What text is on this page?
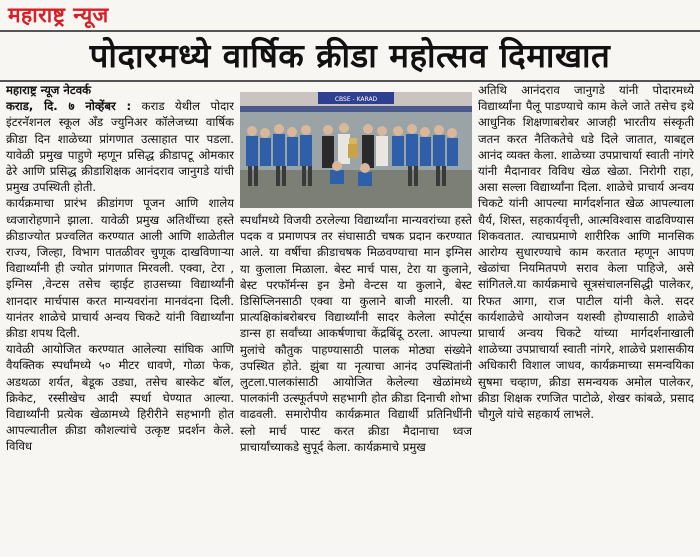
महाराष्ट्र न्यूज
पोदारमध्ये वार्षिक क्रीडा महोत्सव दिमाखात

महाराष्ट्र न्यूज नेटवर्क

कराड, दि. ७ नोव्हेंबर : कराड येथील पोदार इंटरनॅशनल स्कूल अँड ज्युनिअर कॉलेजच्या वार्षिक क्रीडा दिन शाळेच्या प्रांगणात उत्साहात पार पडला. यावेळी प्रमुख पाहुणे म्हणून प्रसिद्ध क्रीडापटू ओमकार ढेरे आणि प्रसिद्ध क्रीडाशिक्षक आनंदराव जानुगडे यांची प्रमुख उपस्थिती होती.

कार्यक्रमाचा प्रारंभ क्रीडांगण पूजन आणि शालेय ध्वजारोहणाने झाला. यावेळी प्रमुख अतिथींच्या हस्ते क्रीडाज्योत प्रज्वलित करण्यात आली आणि शाळेतील राज्य, जिल्हा, विभाग पातळीवर चुणूक दाखविणाऱ्या विद्यार्थ्यांनी ही ज्योत प्रांगणात मिरवली. एक्वा, टेरा , इग्निस ,वेन्टस तसेच व्हाईट हाउसच्या विद्यार्थ्यांनी शानदार मार्चपास करत मान्यवरांना मानवंदना दिली. यानंतर शाळेचे प्राचार्य अन्वय चिकटे यांनी विद्यार्थ्यांना क्रीडा शपथ दिली.

यावेळी आयोजित करण्यात आलेल्या सांघिक आणि वैयक्तिक स्पर्धांमध्ये ५० मीटर धावणे, गोळा फेक, अडथळा शर्यत, बेडूक उड्या, तसेच बास्केट बॉल, क्रिकेट, रस्सीखेच आदी स्पर्धा घेण्यात आल्या. विद्यार्थ्यांनी प्रत्येक खेळामध्ये हिरीरीने सहभागी होत आपल्यातील क्रीडा कौशल्यांचे उत्कृष्ट प्रदर्शन केले. विविध

CBSE - KARAD

स्पर्धांमध्ये विजयी ठरलेल्या विद्यार्थ्यांना मान्यवरांच्या हस्ते पदक व प्रमाणपत्र तर संघासाठी चषक प्रदान करण्यात आले. या वर्षीचा क्रीडाचषक मिळवण्याचा मान इग्निस या कुलाला मिळाला. बेस्ट मार्च पास, टेरा या कुलाने, बेस्ट परफॉर्मन्स इन डेमो वेन्टस या कुलाने, बेस्ट डिसिप्लिनसाठी एक्वा या कुलाने बाजी मारली. या प्रात्यक्षिकांबरोबरच विद्यार्थ्यांनी सादर केलेला स्पोर्ट्स डान्स हा सर्वांच्या आकर्षणाचा केंद्रबिंदू ठरला. आपल्या मुलांचे कौतुक पाहण्यासाठी पालक मोठ्या संख्येने उपस्थित होते. झुंबा या नृत्याचा आनंद उपस्थितांनी लुटला.पालकांसाठी आयोजित केलेल्या खेळांमध्ये पालकांनी उत्स्फूर्तपणे सहभागी होत क्रीडा दिनाची शोभा वाढवली. समारोपीय कार्यक्रमात विद्यार्थी प्रतिनिधींनी स्लो मार्च पास्ट करत क्रीडा मैदानाचा ध्वज प्राचार्यांच्याकडे सुपूर्द केला. कार्यक्रमाचे प्रमुख

अतिथि आनंदराव जानुगडे यांनी पोदारमध्ये विद्यार्थ्यांना पैलू पाडण्याचे काम केले जाते तसेच इथे आधुनिक शिक्षणाबरोबर आजही भारतीय संस्कृती जतन करत नैतिकतेचे धडे दिले जातात, याबद्दल आनंद व्यक्त केला. शाळेच्या उपप्राचार्या स्वाती नांगरे यांनी मैदानावर विविध खेळ खेळा. निरोगी राहा, असा सल्ला विद्यार्थ्यांना दिला. शाळेचे प्राचार्य अन्वय चिकटे यांनी आपल्या मार्गदर्शनात खेळ आपल्याला धैर्य, शिस्त, सहकार्यवृत्ती, आत्मविश्वास वाढविण्यास शिकवतात. त्याचप्रमाणे शारीरिक आणि मानसिक आरोग्य सुधारण्याचे काम करतात म्हणून आपण खेळांचा नियमितपणे सराव केला पाहिजे, असे सांगितले.या कार्यक्रमाचे सूत्रसंचालनसिद्धी पालेकर, रिफत आगा, राज पाटील यांनी केले. सदर कार्यशाळेचे आयोजन यशस्वी होण्यासाठी शाळेचे प्राचार्य अन्वय चिकटे यांच्या मार्गदर्शनाखाली शाळेच्या उपप्राचार्या स्वाती नांगरे, शाळेचे प्रशासकीय अधिकारी विशाल जाधव, कार्यक्रमाच्या समन्वयिका सुषमा चव्हाण, क्रीडा समन्वयक अमोल पालेकर, क्रीडा शिक्षक रणजित पाटोळे, शेखर कांबळे, प्रसाद चौगुले यांचे सहकार्य लाभले.
